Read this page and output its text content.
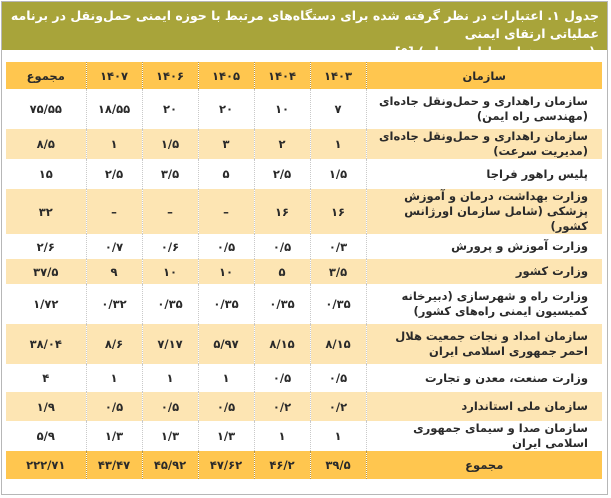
جدول ۱. اعتبارات در نظر گرفته شده برای دستگاه‌های مرتبط با حوزه ایمنی حمل‌ونقل در برنامه عملیاتی ارتقای ایمنی
(برحسب هزار میلیارد تومان) [۵]
سازمان	۱۴۰۳	۱۴۰۴	۱۴۰۵	۱۴۰۶	۱۴۰۷	مجموع
سازمان راهداری و حمل‌ونقل جاده‌ای (مهندسی راه ایمن)	۷	۱۰	۲۰	۲۰	۱۸/۵۵	۷۵/۵۵
سازمان راهداری و حمل‌ونقل جاده‌ای (مدیریت سرعت)	۱	۲	۳	۱/۵	۱	۸/۵
پلیس راهور فراجا	۱/۵	۲/۵	۵	۳/۵	۲/۵	۱۵
وزارت بهداشت، درمان و آموزش پزشکی (شامل سازمان اورژانس کشور)	۱۶	۱۶	–	–	–	۳۲
وزارت آموزش و پرورش	۰/۳	۰/۵	۰/۵	۰/۶	۰/۷	۲/۶
وزارت کشور	۳/۵	۵	۱۰	۱۰	۹	۳۷/۵
وزارت راه و شهرسازی (دبیرخانه کمیسیون ایمنی راه‌های کشور)	۰/۳۵	۰/۳۵	۰/۳۵	۰/۳۵	۰/۳۲	۱/۷۲
سازمان امداد و نجات جمعیت هلال احمر جمهوری اسلامی ایران	۸/۱۵	۸/۱۵	۵/۹۷	۷/۱۷	۸/۶	۳۸/۰۴
وزارت صنعت، معدن و تجارت	۰/۵	۰/۵	۱	۱	۱	۴
سازمان ملی استاندارد	۰/۲	۰/۲	۰/۵	۰/۵	۰/۵	۱/۹
سازمان صدا و سیمای جمهوری اسلامی ایران	۱	۱	۱/۳	۱/۳	۱/۳	۵/۹
مجموع	۳۹/۵	۴۶/۲	۴۷/۶۲	۴۵/۹۲	۴۳/۴۷	۲۲۲/۷۱
